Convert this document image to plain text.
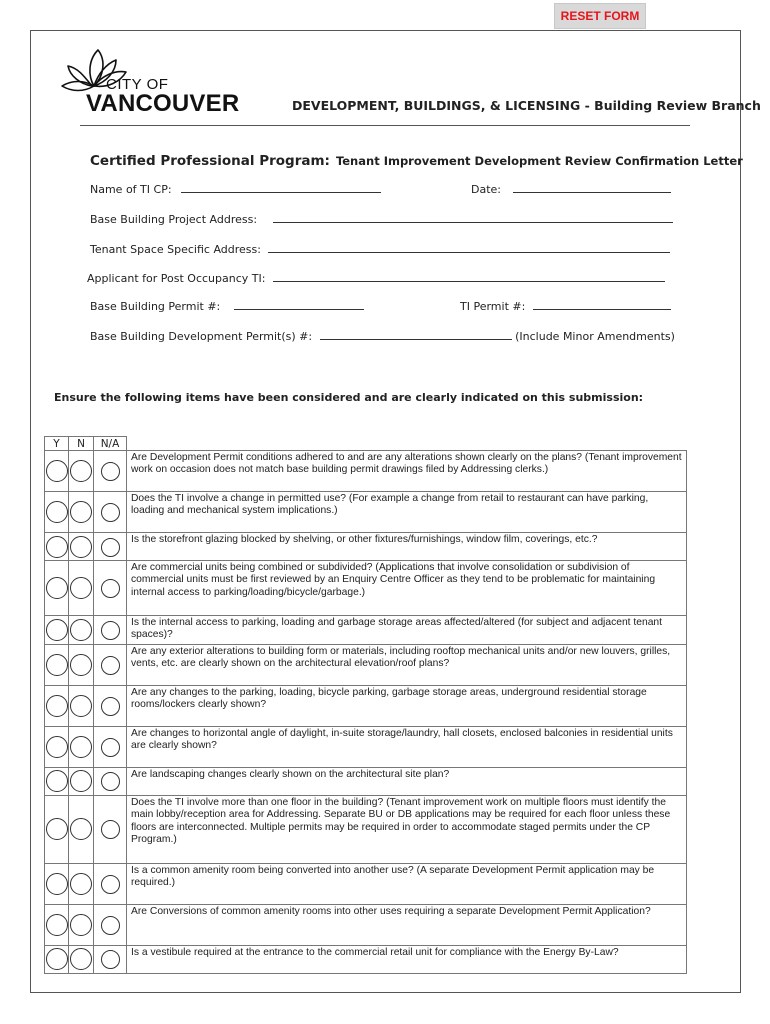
RESET FORM
CITY OF
VANCOUVER	DEVELOPMENT, BUILDINGS, & LICENSING - Building Review Branch
Certified Professional Program: Tenant Improvement Development Review Confirmation Letter
Name of TI CP:	Date:
Base Building Project Address:
Tenant Space Specific Address:
Applicant for Post Occupancy TI:
Base Building Permit #:	TI Permit #:
Base Building Development Permit(s) #:	(Include Minor Amendments)
Ensure the following items have been considered and are clearly indicated on this submission:
Y	N	N/A	
			Are Development Permit conditions adhered to and are any alterations shown clearly on the plans? (Tenant improvement work on occasion does not match base building permit drawings filed by Addressing clerks.)
			Does the TI involve a change in permitted use? (For example a change from retail to restaurant can have parking, loading and mechanical system implications.)
			Is the storefront glazing blocked by shelving, or other fixtures/furnishings, window film, coverings, etc.?
			Are commercial units being combined or subdivided? (Applications that involve consolidation or subdivision of commercial units must be first reviewed by an Enquiry Centre Officer as they tend to be problematic for maintaining internal access to parking/loading/bicycle/garbage.)
			Is the internal access to parking, loading and garbage storage areas affected/altered (for subject and adjacent tenant spaces)?
			Are any exterior alterations to building form or materials, including rooftop mechanical units and/or new louvers, grilles, vents, etc. are clearly shown on the architectural elevation/roof plans?
			Are any changes to the parking, loading, bicycle parking, garbage storage areas, underground residential storage rooms/lockers clearly shown?
			Are changes to horizontal angle of daylight, in-suite storage/laundry, hall closets, enclosed balconies in residential units are clearly shown?
			Are landscaping changes clearly shown on the architectural site plan?
			Does the TI involve more than one floor in the building? (Tenant improvement work on multiple floors must identify the main lobby/reception area for Addressing. Separate BU or DB applications may be required for each floor unless these floors are interconnected. Multiple permits may be required in order to accommodate staged permits under the CP Program.)
			Is a common amenity room being converted into another use? (A separate Development Permit application may be required.)
			Are Conversions of common amenity rooms into other uses requiring a separate Development Permit Application?
			Is a vestibule required at the entrance to the commercial retail unit for compliance with the Energy By-Law?
